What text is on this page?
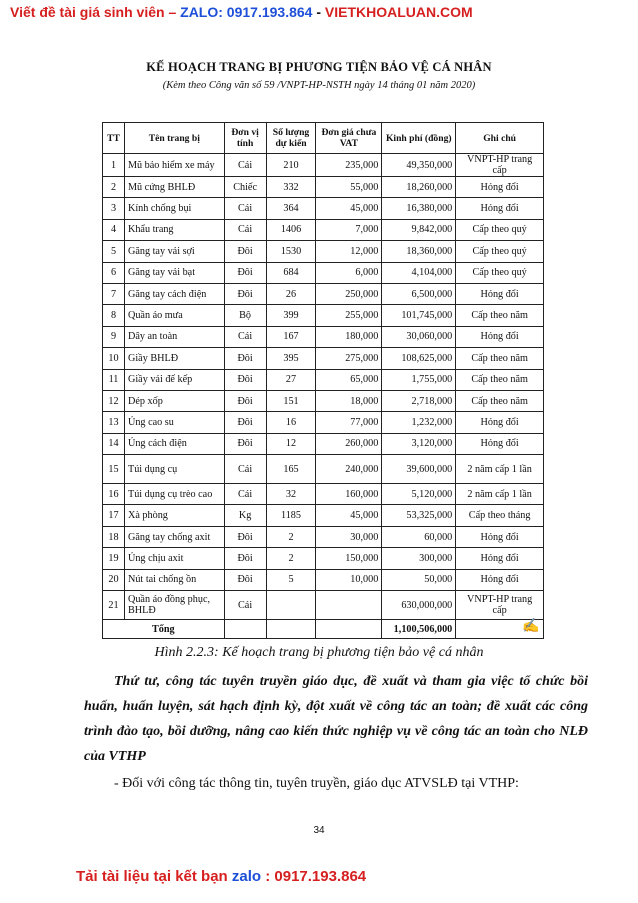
Viết đề tài giá sinh viên – ZALO: 0917.193.864 - VIETKHOALUAN.COM
KẾ HOẠCH TRANG BỊ PHƯƠNG TIỆN BẢO VỆ CÁ NHÂN
(Kèm theo Công văn số 59 /VNPT-HP-NSTH ngày 14 tháng 01 năm 2020)
TT	Tên trang bị	Đơn vị tính	Số lượng dự kiến	Đơn giá chưa VAT	Kinh phí (đồng)	Ghi chú
1	Mũ bảo hiểm xe máy	Cái	210	235,000	49,350,000	VNPT-HP trang cấp
2	Mũ cứng BHLĐ	Chiếc	332	55,000	18,260,000	Hỏng đổi
3	Kính chống bụi	Cái	364	45,000	16,380,000	Hỏng đổi
4	Khẩu trang	Cái	1406	7,000	9,842,000	Cấp theo quý
5	Găng tay vải sợi	Đôi	1530	12,000	18,360,000	Cấp theo quý
6	Găng tay vải bạt	Đôi	684	6,000	4,104,000	Cấp theo quý
7	Găng tay cách điện	Đôi	26	250,000	6,500,000	Hỏng đổi
8	Quần áo mưa	Bộ	399	255,000	101,745,000	Cấp theo năm
9	Dây an toàn	Cái	167	180,000	30,060,000	Hỏng đổi
10	Giầy BHLĐ	Đôi	395	275,000	108,625,000	Cấp theo năm
11	Giầy vải đế kếp	Đôi	27	65,000	1,755,000	Cấp theo năm
12	Dép xốp	Đôi	151	18,000	2,718,000	Cấp theo năm
13	Ủng cao su	Đôi	16	77,000	1,232,000	Hỏng đổi
14	Ủng cách điện	Đôi	12	260,000	3,120,000	Hỏng đổi
15	Túi dụng cụ	Cái	165	240,000	39,600,000	2 năm cấp 1 lần
16	Túi dụng cụ trèo cao	Cái	32	160,000	5,120,000	2 năm cấp 1 lần
17	Xà phòng	Kg	1185	45,000	53,325,000	Cấp theo tháng
18	Găng tay chống axit	Đôi	2	30,000	60,000	Hỏng đổi
19	Ủng chịu axit	Đôi	2	150,000	300,000	Hỏng đổi
20	Nút tai chống ồn	Đôi	5	10,000	50,000	Hỏng đổi
21	Quần áo đồng phục, BHLĐ	Cái			630,000,000	VNPT-HP trang cấp
Tổng					1,100,506,000		✍
Hình 2.2.3: Kế hoạch trang bị phương tiện bảo vệ cá nhân
Thứ tư, công tác tuyên truyền giáo dục, đề xuất và tham gia việc tổ chức bồi huấn, huấn luyện, sát hạch định kỳ, đột xuất về công tác an toàn; đề xuất các công trình đào tạo, bồi dưỡng, nâng cao kiến thức nghiệp vụ về công tác an toàn cho NLĐ của VTHP
- Đối với công tác thông tin, tuyên truyền, giáo dục ATVSLĐ tại VTHP:
34
Tải tài liệu tại kết bạn zalo : 0917.193.864
